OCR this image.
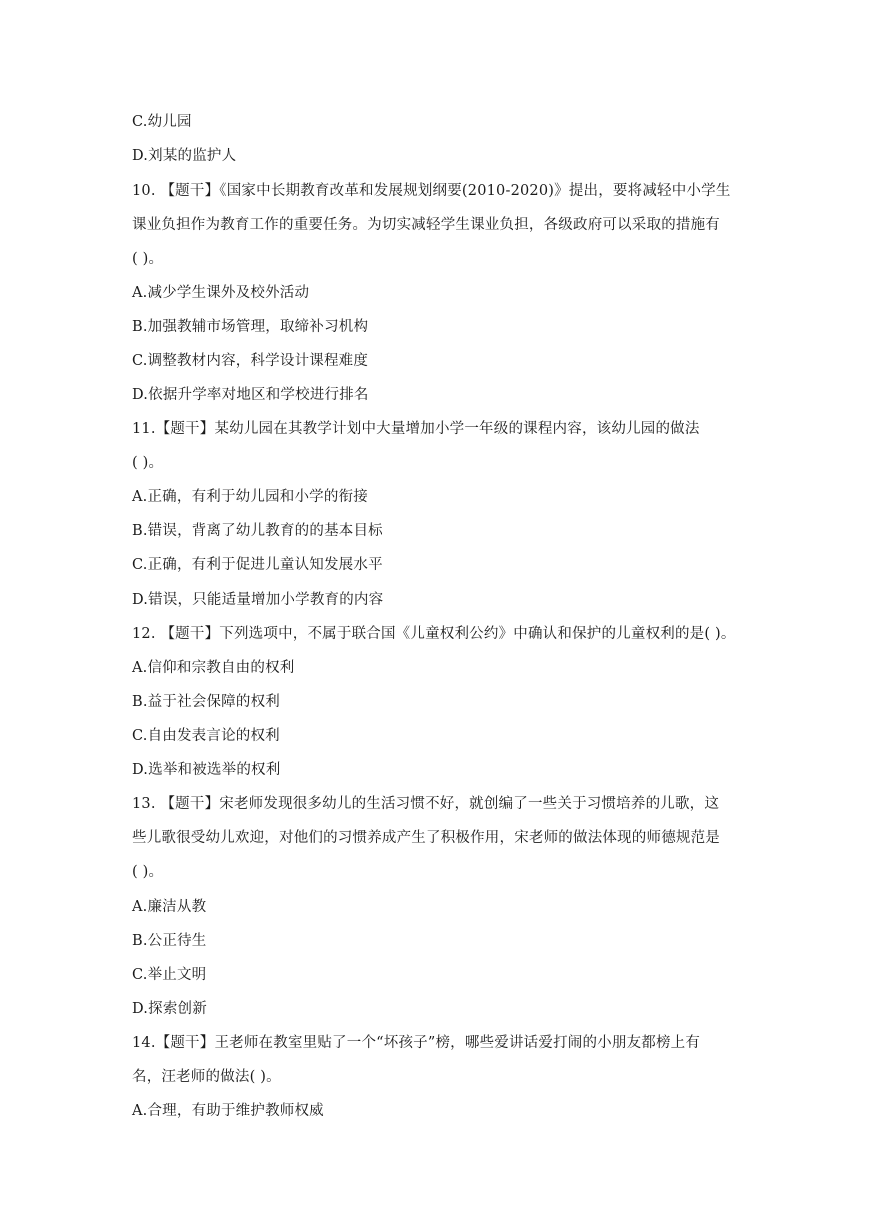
C.幼儿园
D.刘某的监护人
10. 【题干】《国家中长期教育改革和发展规划纲要(2010-2020)》提出，要将减轻中小学生
课业负担作为教育工作的重要任务。为切实减轻学生课业负担，各级政府可以采取的措施有
( )。
A.减少学生课外及校外活动
B.加强教辅市场管理，取缔补习机构
C.调整教材内容，科学设计课程难度
D.依据升学率对地区和学校进行排名
11.【题干】某幼儿园在其教学计划中大量增加小学一年级的课程内容，该幼儿园的做法
( )。
A.正确，有利于幼儿园和小学的衔接
B.错误，背离了幼儿教育的的基本目标
C.正确，有利于促进儿童认知发展水平
D.错误，只能适量增加小学教育的内容
12. 【题干】下列选项中，不属于联合国《儿童权利公约》中确认和保护的儿童权利的是( )。
A.信仰和宗教自由的权利
B.益于社会保障的权利
C.自由发表言论的权利
D.选举和被选举的权利
13. 【题干】宋老师发现很多幼儿的生活习惯不好，就创编了一些关于习惯培养的儿歌，这
些儿歌很受幼儿欢迎，对他们的习惯养成产生了积极作用，宋老师的做法体现的师德规范是
( )。
A.廉洁从教
B.公正待生
C.举止文明
D.探索创新
14.【题干】王老师在教室里贴了一个“坏孩子”榜，哪些爱讲话爱打闹的小朋友都榜上有
名，汪老师的做法( )。
A.合理，有助于维护教师权威
